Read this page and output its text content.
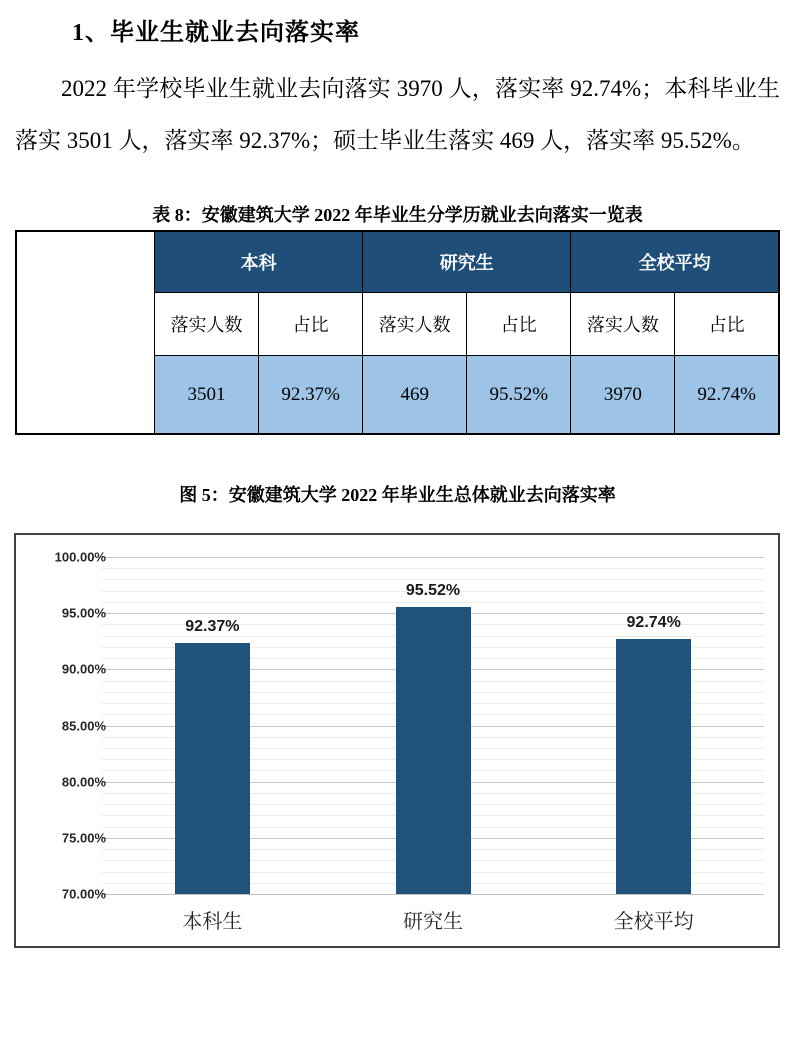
1、毕业生就业去向落实率
2022 年学校毕业生就业去向落实 3970 人，落实率 92.74%；本科毕业生落实 3501 人，落实率 92.37%；硕士毕业生落实 469 人，落实率 95.52%。
表 8：安徽建筑大学 2022 年毕业生分学历就业去向落实一览表
毕业去向
落实率	本科		研究生		全校平均	
	落实人数	占比	落实人数	占比	落实人数	占比
	3501	92.37%	469	95.52%	3970	92.74%
图 5：安徽建筑大学 2022 年毕业生总体就业去向落实率
92.37%
95.52%
92.74%
100.00%
95.00%
90.00%
85.00%
80.00%
75.00%
70.00%
本科生	研究生	全校平均
